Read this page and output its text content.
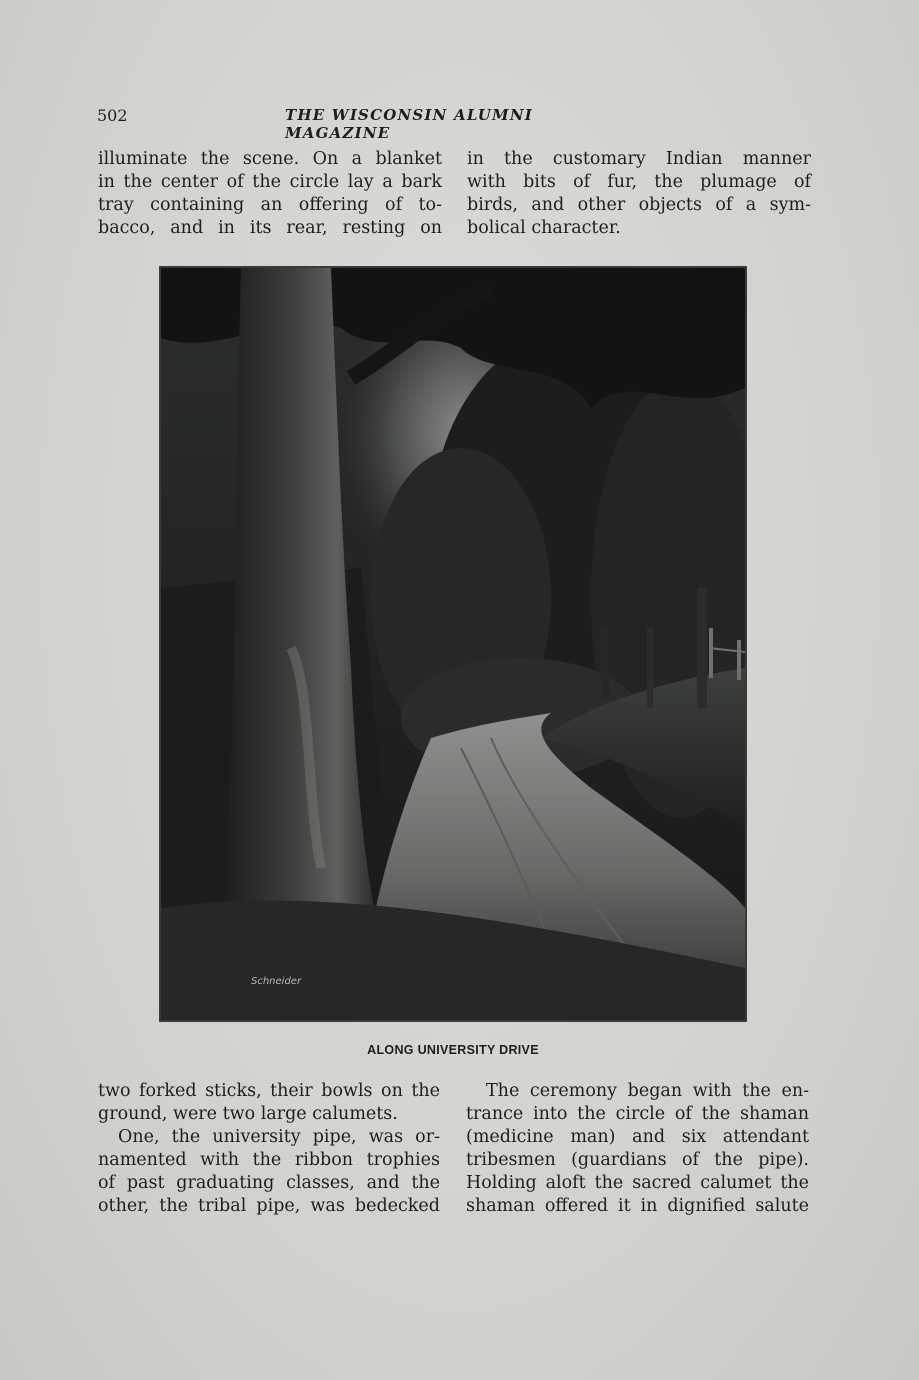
502	THE WISCONSIN ALUMNI MAGAZINE
illuminate the scene. On a blanket
in the center of the circle lay a bark
tray containing an offering of to-
bacco, and in its rear, resting on
in the customary Indian manner
with bits of fur, the plumage of
birds, and other objects of a sym-
bolical character.
Schneider
ALONG UNIVERSITY DRIVE
two forked sticks, their bowls on the
ground, were two large calumets.
One, the university pipe, was or-
namented with the ribbon trophies
of past graduating classes, and the
other, the tribal pipe, was bedecked
The ceremony began with the en-
trance into the circle of the shaman
(medicine man) and six attendant
tribesmen (guardians of the pipe).
Holding aloft the sacred calumet the
shaman offered it in dignified salute
